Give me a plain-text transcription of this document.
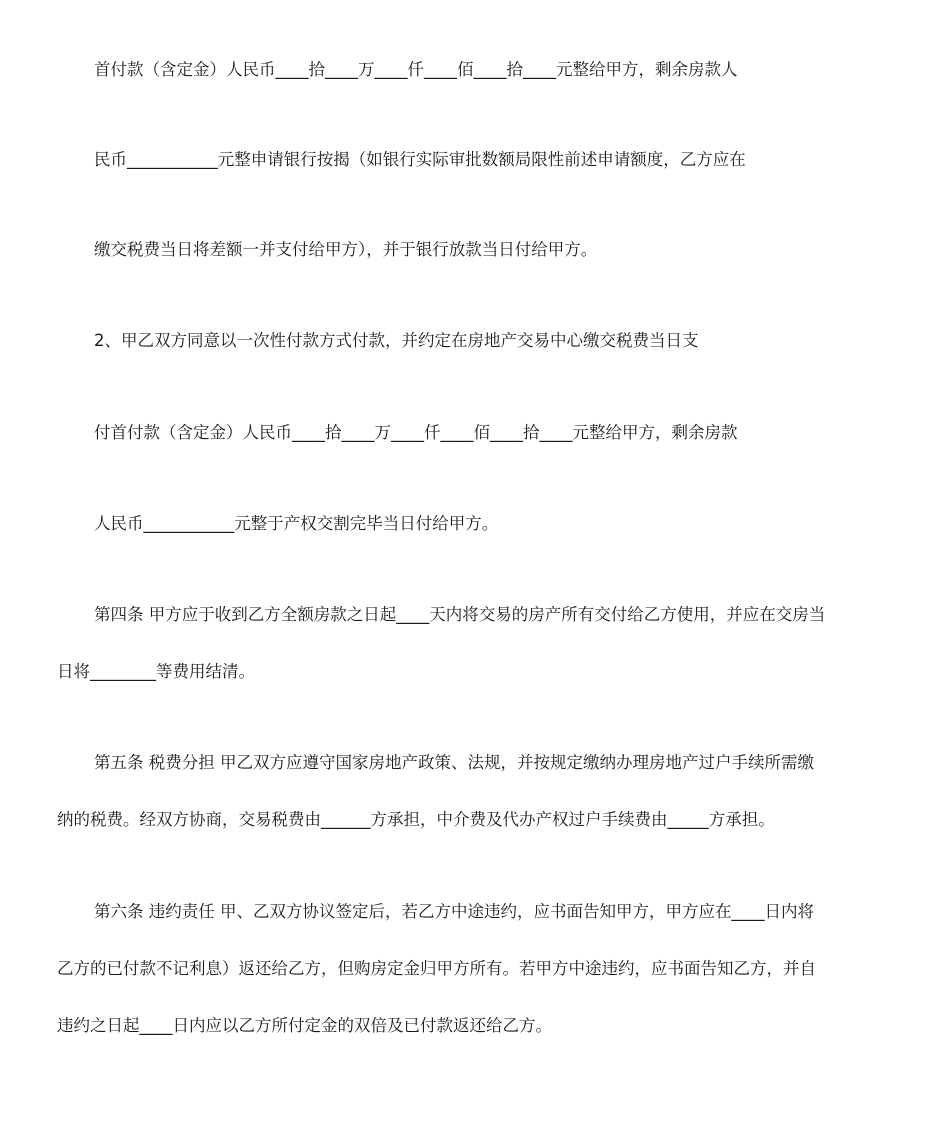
首付款（含定金）人民币____拾____万____仟____佰____拾____元整给甲方，剩余房款人
民币___________元整申请银行按揭（如银行实际审批数额局限性前述申请额度，乙方应在
缴交税费当日将差额一并支付给甲方），并于银行放款当日付给甲方。
2、甲乙双方同意以一次性付款方式付款，并约定在房地产交易中心缴交税费当日支
付首付款（含定金）人民币____拾____万____仟____佰____拾____元整给甲方，剩余房款
人民币___________元整于产权交割完毕当日付给甲方。
第四条 甲方应于收到乙方全额房款之日起____天内将交易的房产所有交付给乙方使用，并应在交房当
日将________等费用结清。
第五条 税费分担 甲乙双方应遵守国家房地产政策、法规，并按规定缴纳办理房地产过户手续所需缴
纳的税费。经双方协商，交易税费由______方承担，中介费及代办产权过户手续费由_____方承担。
第六条 违约责任 甲、乙双方协议签定后，若乙方中途违约，应书面告知甲方，甲方应在____日内将
乙方的已付款不记利息）返还给乙方，但购房定金归甲方所有。若甲方中途违约，应书面告知乙方，并自
违约之日起____日内应以乙方所付定金的双倍及已付款返还给乙方。
